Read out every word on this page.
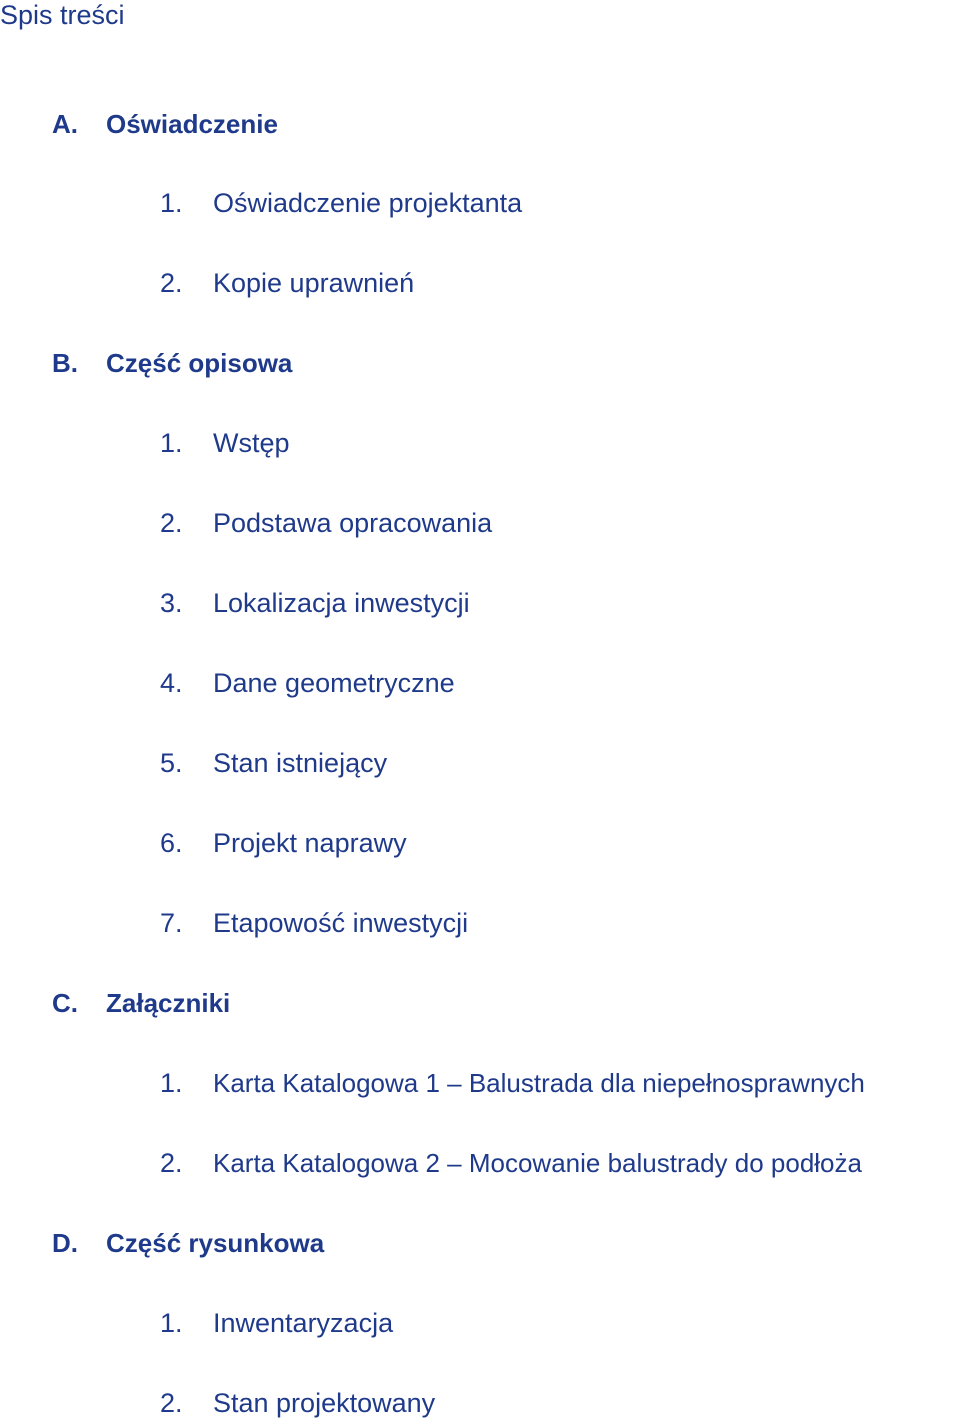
Spis treści
A. Oświadczenie
1. Oświadczenie projektanta
2. Kopie uprawnień
B. Część opisowa
1. Wstęp
2. Podstawa opracowania
3. Lokalizacja inwestycji
4. Dane geometryczne
5. Stan istniejący
6. Projekt naprawy
7. Etapowość inwestycji
C. Załączniki
1. Karta Katalogowa 1 – Balustrada dla niepełnosprawnych
2. Karta Katalogowa 2 – Mocowanie balustrady do podłoża
D. Część rysunkowa
1. Inwentaryzacja
2. Stan projektowany
